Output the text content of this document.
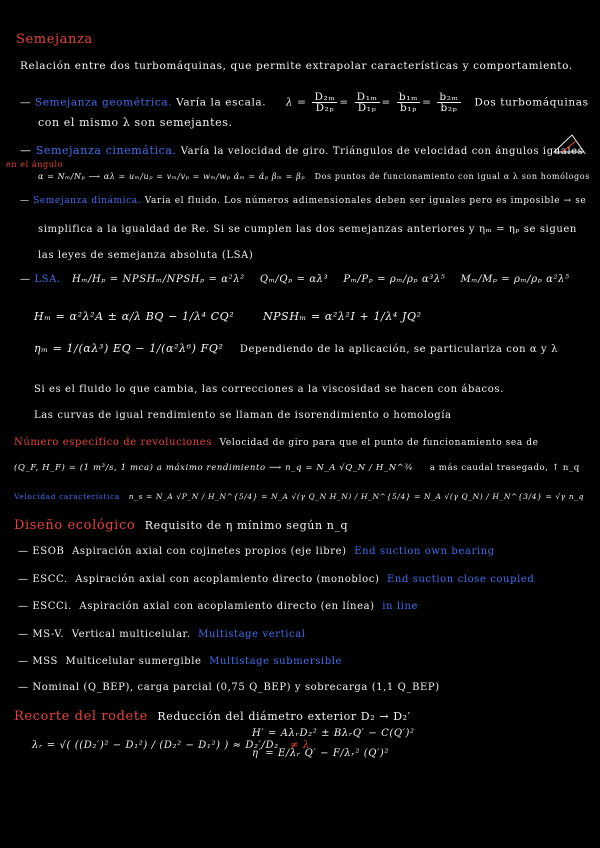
Semejanza
Relación entre dos turbomáquinas, que permite extrapolar características y comportamiento.
— Semejanza geométrica. Varía la escala. $\lambda = \frac{\text{D₂ₘ}}{\text{D₂ₚ}} = \frac{\text{D₁ₘ}}{\text{D₁ₚ}} = \frac{\text{b₁ₘ}}{\text{b₁ₚ}} = \frac{\text{b₂ₘ}}{\text{b₂ₚ}}$ Dos turbomáquinas
con el mismo λ son semejantes.
— Semejanza cinemática. Varía la velocidad de giro. Triángulos de velocidad con ángulos iguales.
en el ángulo
α = Nₘ/Nₚ ⟶ αλ = uₘ/uₚ = vₘ/vₚ = wₘ/wₚ α̂ₘ = α̂ₚ βₘ = βₚ Dos puntos de funcionamiento con igual α λ son homólogos
— Semejanza dinámica. Varía el fluido. Los números adimensionales deben ser iguales pero es imposible → se
simplifica a la igualdad de Re. Si se cumplen las dos semejanzas anteriores y ηₘ = ηₚ se siguen
las leyes de semejanza absoluta (LSA)
— LSA. Hₘ/Hₚ = NPSHₘ/NPSHₚ = α²λ² Qₘ/Qₚ = αλ³ Pₘ/Pₚ = ρₘ/ρₚ α³λ⁵ Mₘ/Mₚ = ρₘ/ρₚ α²λ⁵
Hₘ = α²λ²A ± α/λ BQ − 1/λ⁴ CQ²	NPSHₘ = α²λ²I + 1/λ⁴ JQ²
ηₘ = 1/(αλ³) EQ − 1/(α²λ⁶) FQ² Dependiendo de la aplicación, se particulariza con α y λ
Si es el fluido lo que cambia, las correcciones a la viscosidad se hacen con ábacos.
Las curvas de igual rendimiento se llaman de isorendimiento o homología
Número específico de revoluciones Velocidad de giro para que el punto de funcionamiento sea de
(Q_F, H_F) = (1 m³/s, 1 mca) a máximo rendimiento ⟶ n_q = N_A √Q_N / H_N^¾ a más caudal trasegado, ↑ n_q
Velocidad característica n_s = N_A √P_N / H_N^{5/4} = N_A √(γ Q_N H_N) / H_N^{5/4} = N_A √(γ Q_N) / H_N^{3/4} = √γ n_q
Diseño ecológico Requisito de η mínimo según n_q
— ESOB Aspiración axial con cojinetes propios (eje libre) End suction own bearing
— ESCC. Aspiración axial con acoplamiento directo (monobloc) End suction close coupled
— ESCCi. Aspiración axial con acoplamiento directo (en línea) in line
— MS-V. Vertical multicelular. Multistage vertical
— MSS Multicelular sumergible Multistage submersible
— Nominal (Q_BEP), carga parcial (0,75 Q_BEP) y sobrecarga (1,1 Q_BEP)
Recorte del rodete Reducción del diámetro exterior D₂ → D₂′
λᵣ = √( ((D₂′)² − D₁²) / (D₂² − D₁²) ) ≈ D₂′/D₂ ≠ λ
H′ = AλᵣD₂² ± BλᵣQ′ − C(Q′)²
η′ = E/λᵣ Q′ − F/λᵣ² (Q′)²
